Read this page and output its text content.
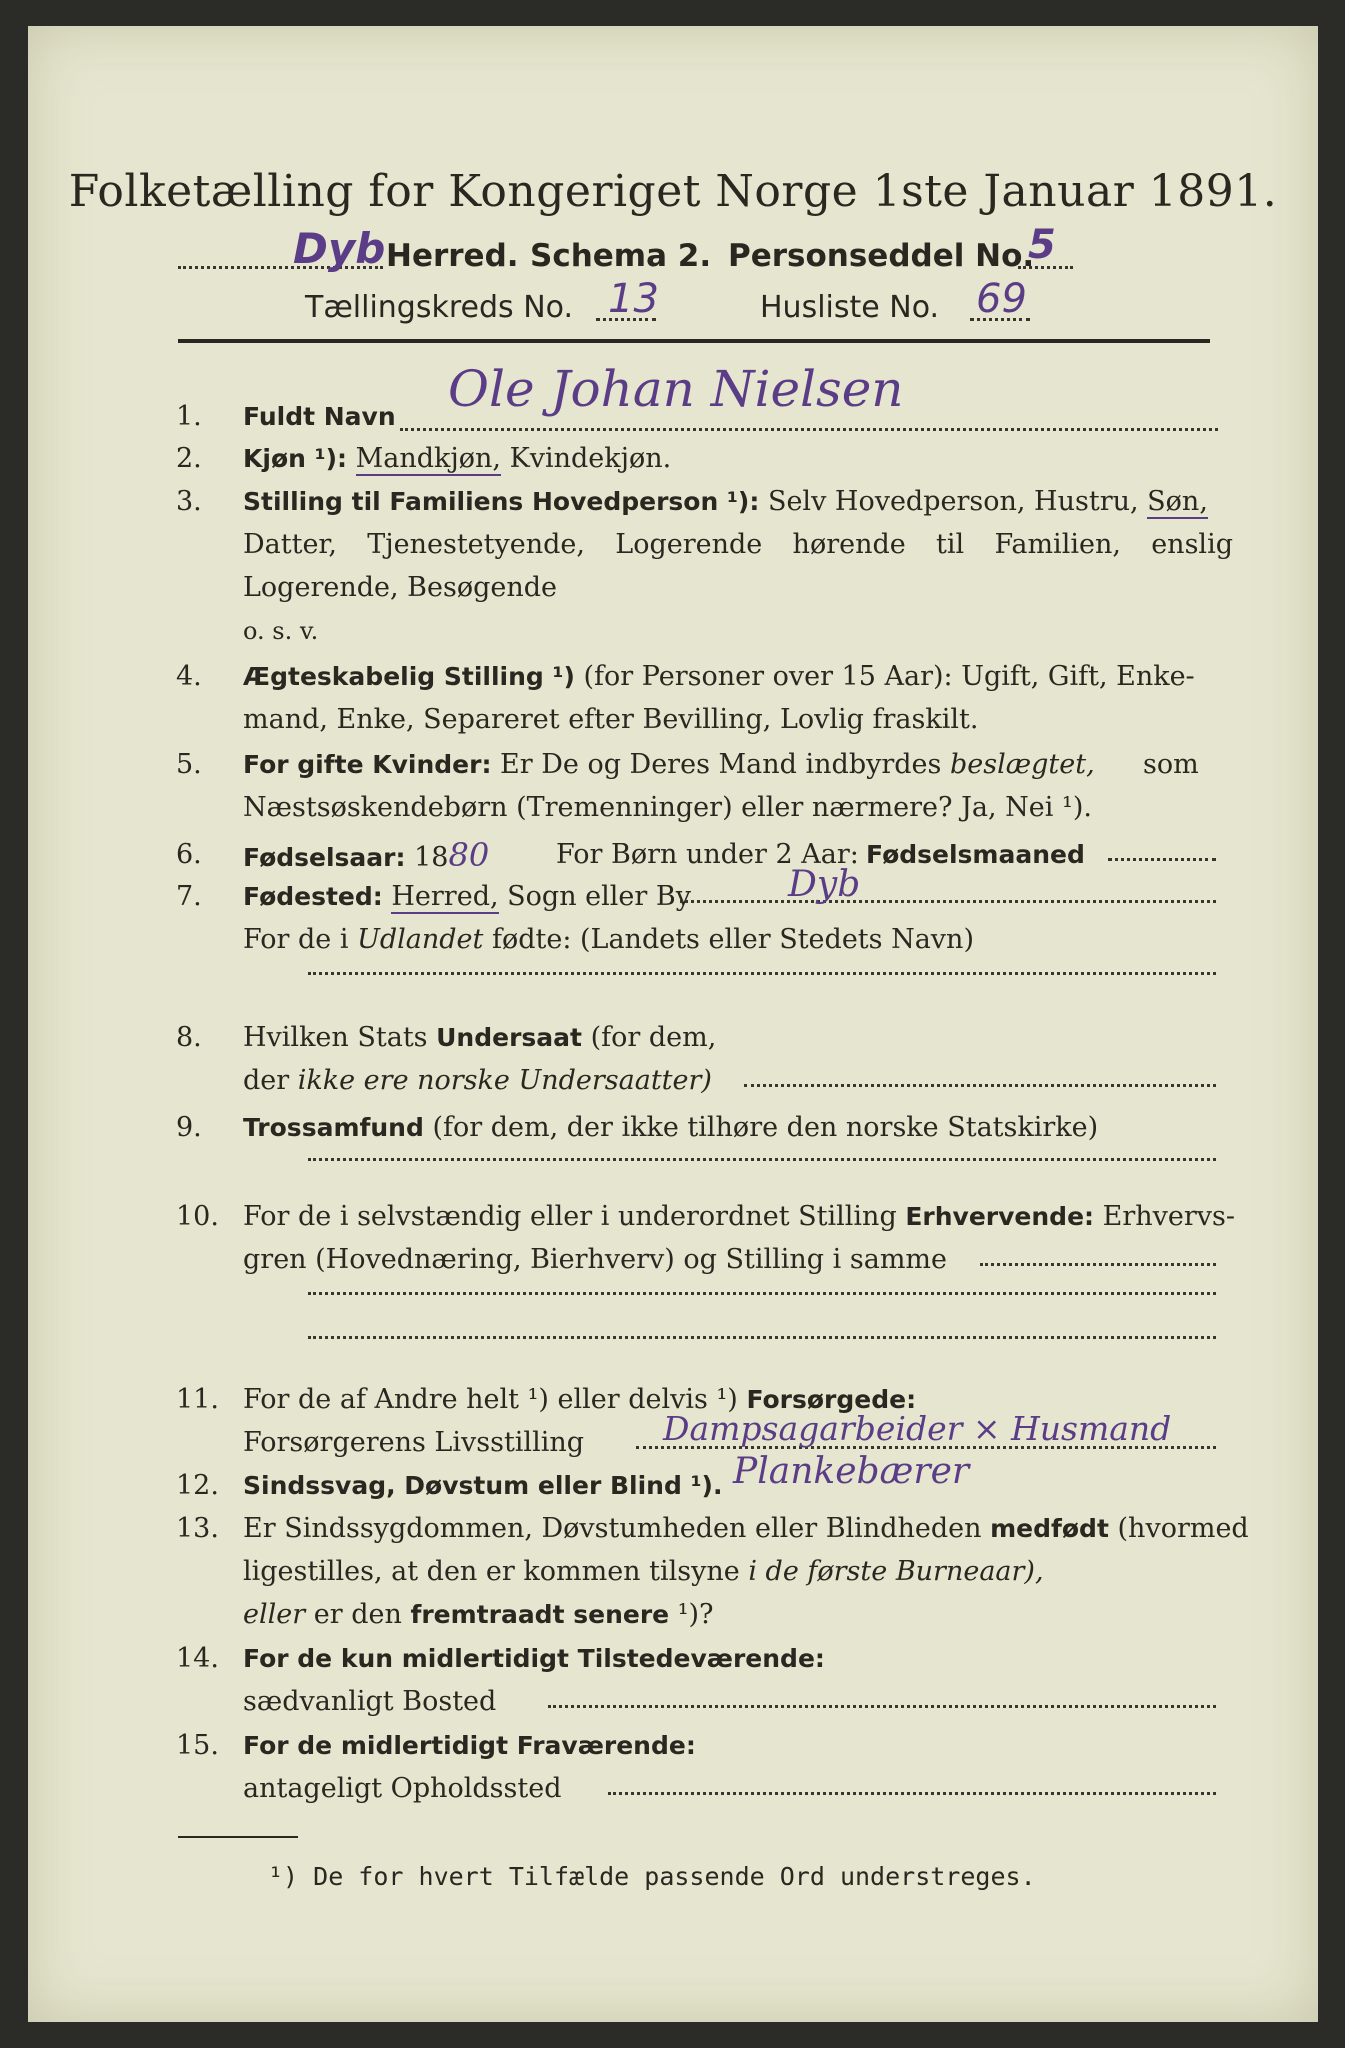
Folketælling for Kongeriget Norge 1ste Januar 1891.
Dyb Herred. Schema 2. Personseddel No.
5
Tællingskreds No. 13	Husliste No. 69
1.	Fuldt Navn Ole Johan Nielsen
2.	Kjøn ¹): Mandkjøn, Kvindekjøn.
3.	Stilling til Familiens Hovedperson ¹): Selv Hovedperson, Hustru, Søn,
Datter, Tjenestetyende, Logerende hørende til Familien, enslig
Logerende, Besøgende
o. s. v.
4.	Ægteskabelig Stilling ¹) (for Personer over 15 Aar): Ugift, Gift, Enke-
mand, Enke, Separeret efter Bevilling, Lovlig fraskilt.
5.	For gifte Kvinder: Er De og Deres Mand indbyrdes beslægtet, som
Næstsøskendebørn (Tremenninger) eller nærmere? Ja, Nei ¹).
6.	Fødselsaar: 1880 For Børn under 2 Aar: Fødselsmaaned
7.	Fødested: Herred, Sogn eller By	Dyb
For de i Udlandet fødte: (Landets eller Stedets Navn)
8.	Hvilken Stats Undersaat (for dem,
der ikke ere norske Undersaatter)
9.	Trossamfund (for dem, der ikke tilhøre den norske Statskirke)
10. For de i selvstændig eller i underordnet Stilling Erhvervende: Erhvervs-
gren (Hovednæring, Bierhverv) og Stilling i samme
11. For de af Andre helt ¹) eller delvis ¹) Forsørgede:
Forsørgerens Livsstilling Dampsagarbeider × Husmand
12. Sindssvag, Døvstum eller Blind ¹). Plankebærer
13. Er Sindssygdommen, Døvstumheden eller Blindheden medfødt (hvormed
ligestilles, at den er kommen tilsyne i de første Burneaar),
eller er den fremtraadt senere ¹)?
14. For de kun midlertidigt Tilstedeværende:
sædvanligt Bosted
15. For de midlertidigt Fraværende:
antageligt Opholdssted
¹) De for hvert Tilfælde passende Ord understreges.
